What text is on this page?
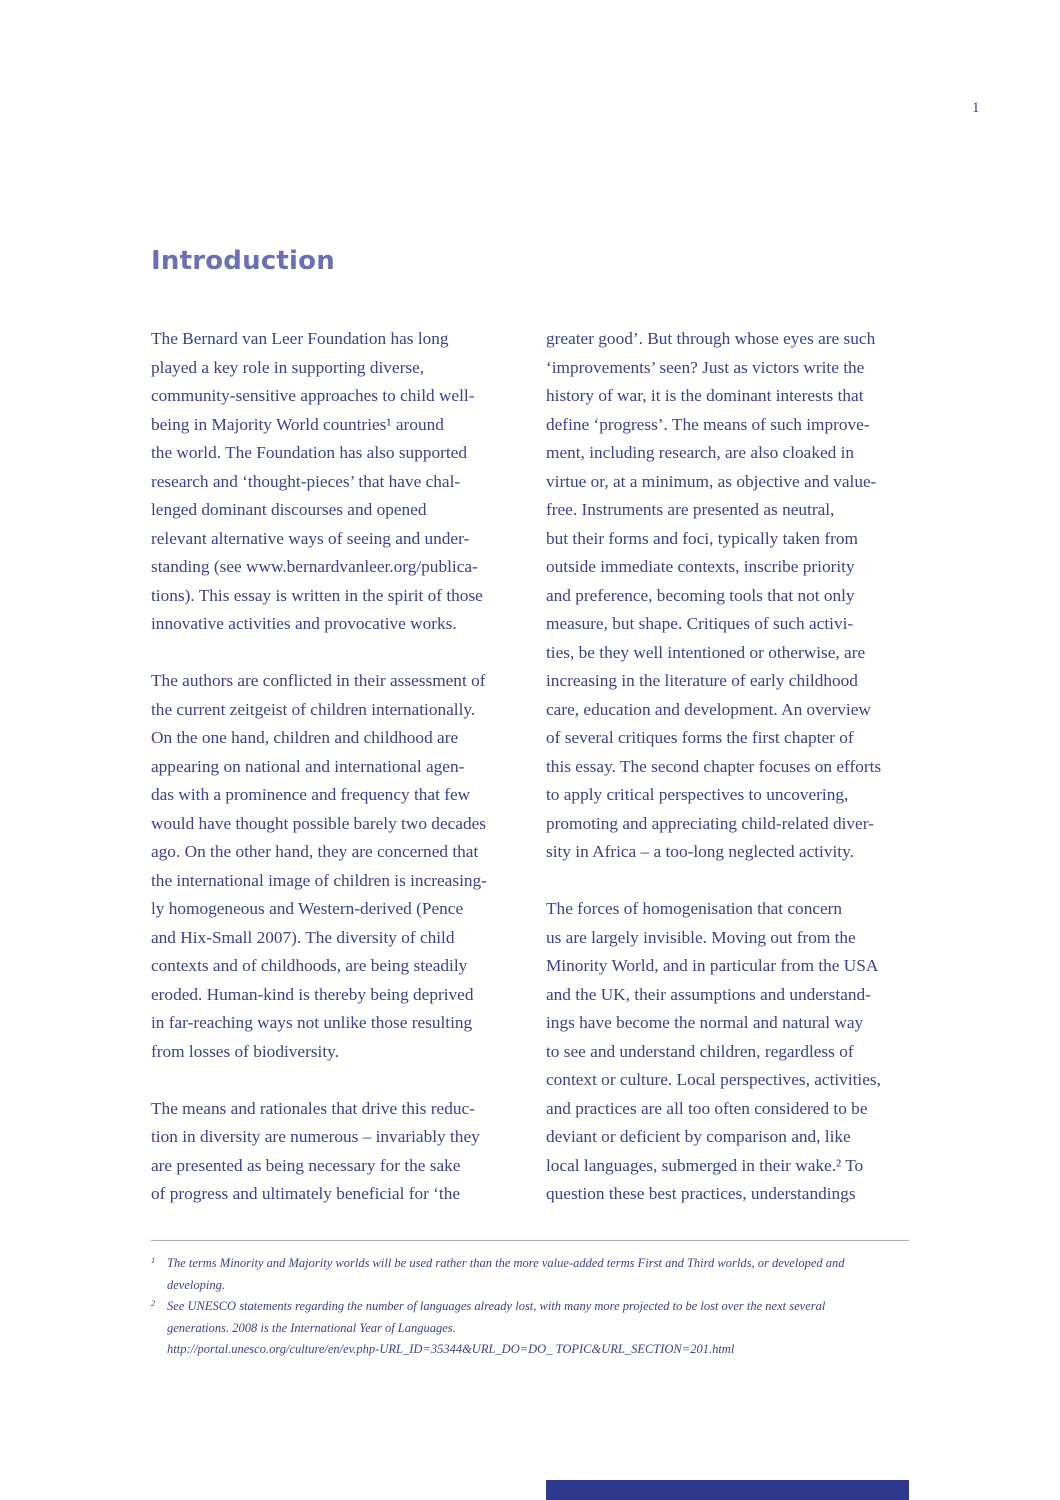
1
Introduction
The Bernard van Leer Foundation has long
played a key role in supporting diverse,
community-sensitive approaches to child well-
being in Majority World countries¹ around
the world. The Foundation has also supported
research and ‘thought-pieces’ that have chal-
lenged dominant discourses and opened
relevant alternative ways of seeing and under-
standing (see www.bernardvanleer.org/publica-
tions). This essay is written in the spirit of those
innovative activities and provocative works.
The authors are conflicted in their assessment of
the current zeitgeist of children internationally.
On the one hand, children and childhood are
appearing on national and international agen-
das with a prominence and frequency that few
would have thought possible barely two decades
ago. On the other hand, they are concerned that
the international image of children is increasing-
ly homogeneous and Western-derived (Pence
and Hix-Small 2007). The diversity of child
contexts and of childhoods, are being steadily
eroded. Human-kind is thereby being deprived
in far-reaching ways not unlike those resulting
from losses of biodiversity.
The means and rationales that drive this reduc-
tion in diversity are numerous – invariably they
are presented as being necessary for the sake
of progress and ultimately beneficial for ‘the
greater good’. But through whose eyes are such
‘improvements’ seen? Just as victors write the
history of war, it is the dominant interests that
define ‘progress’. The means of such improve-
ment, including research, are also cloaked in
virtue or, at a minimum, as objective and value-
free. Instruments are presented as neutral,
but their forms and foci, typically taken from
outside immediate contexts, inscribe priority
and preference, becoming tools that not only
measure, but shape. Critiques of such activi-
ties, be they well intentioned or otherwise, are
increasing in the literature of early childhood
care, education and development. An overview
of several critiques forms the first chapter of
this essay. The second chapter focuses on efforts
to apply critical perspectives to uncovering,
promoting and appreciating child-related diver-
sity in Africa – a too-long neglected activity.
The forces of homogenisation that concern
us are largely invisible. Moving out from the
Minority World, and in particular from the USA
and the UK, their assumptions and understand-
ings have become the normal and natural way
to see and understand children, regardless of
context or culture. Local perspectives, activities,
and practices are all too often considered to be
deviant or deficient by comparison and, like
local languages, submerged in their wake.² To
question these best practices, understandings
1 The terms Minority and Majority worlds will be used rather than the more value-added terms First and Third worlds, or developed and
developing.
2 See UNESCO statements regarding the number of languages already lost, with many more projected to be lost over the next several
generations. 2008 is the International Year of Languages.
http://portal.unesco.org/culture/en/ev.php-URL_ID=35344&URL_DO=DO_ TOPIC&URL_SECTION=201.html
